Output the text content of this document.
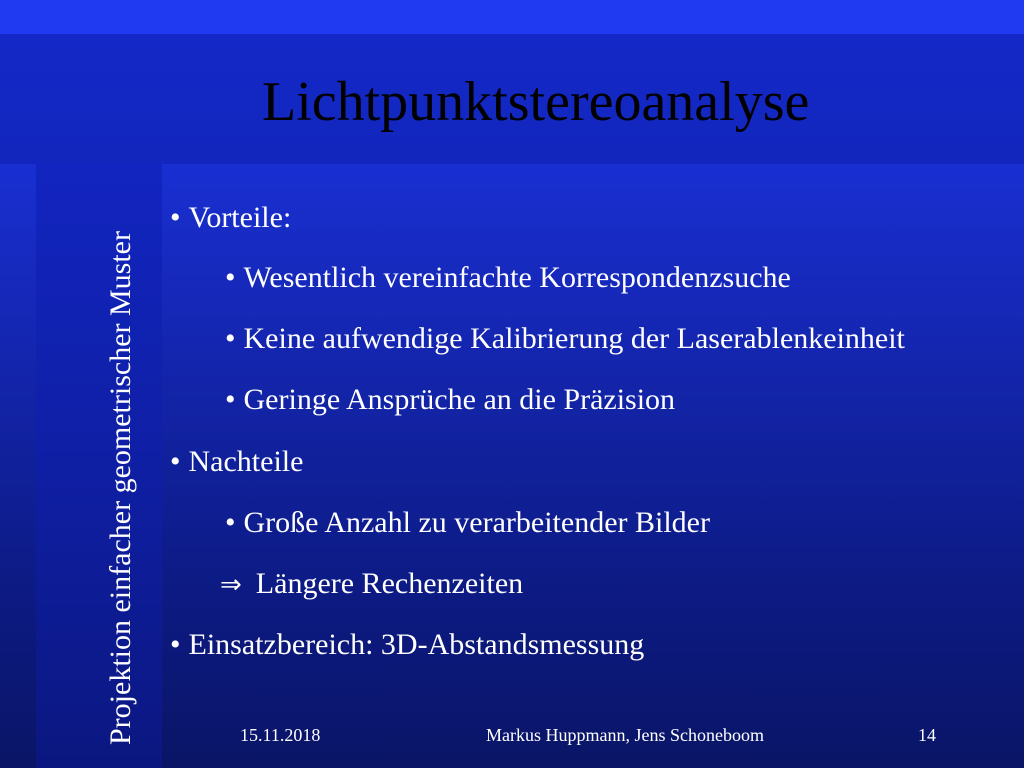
Lichtpunktstereoanalyse
Projektion einfacher geometrischer Muster
• Vorteile:
• Wesentlich vereinfachte Korrespondenzsuche
• Keine aufwendige Kalibrierung der Laserablenkeinheit
• Geringe Ansprüche an die Präzision
• Nachteile
• Große Anzahl zu verarbeitender Bilder
⇒ Längere Rechenzeiten
• Einsatzbereich: 3D-Abstandsmessung
15.11.2018	Markus Huppmann, Jens Schoneboom	14
